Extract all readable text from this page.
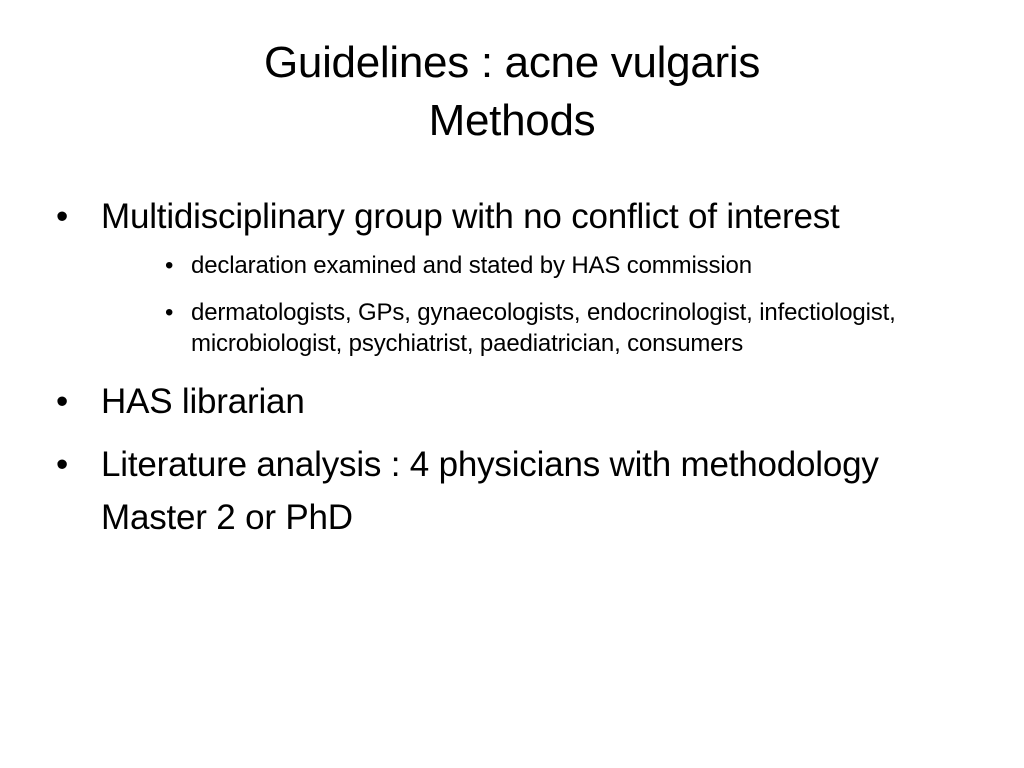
Guidelines : acne vulgaris
Methods
• Multidisciplinary group with no conflict of interest
• declaration examined and stated by HAS commission
• dermatologists, GPs, gynaecologists, endocrinologist, infectiologist, microbiologist, psychiatrist, paediatrician, consumers
• HAS librarian
• Literature analysis : 4 physicians with methodology Master 2 or PhD
